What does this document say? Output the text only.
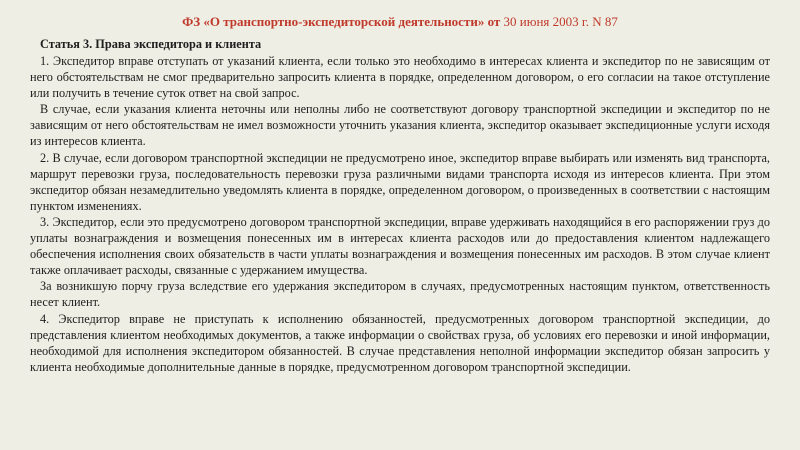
ФЗ «О транспортно-экспедиторской деятельности» от 30 июня 2003 г. N 87
Статья 3. Права экспедитора и клиента

1. Экспедитор вправе отступать от указаний клиента, если только это необходимо в интересах клиента и экспедитор по не зависящим от него обстоятельствам не смог предварительно запросить клиента в порядке, определенном договором, о его согласии на такое отступление или получить в течение суток ответ на свой запрос.

В случае, если указания клиента неточны или неполны либо не соответствуют договору транспортной экспедиции и экспедитор по не зависящим от него обстоятельствам не имел возможности уточнить указания клиента, экспедитор оказывает экспедиционные услуги исходя из интересов клиента.

2. В случае, если договором транспортной экспедиции не предусмотрено иное, экспедитор вправе выбирать или изменять вид транспорта, маршрут перевозки груза, последовательность перевозки груза различными видами транспорта исходя из интересов клиента. При этом экспедитор обязан незамедлительно уведомлять клиента в порядке, определенном договором, о произведенных в соответствии с настоящим пунктом изменениях.

3. Экспедитор, если это предусмотрено договором транспортной экспедиции, вправе удерживать находящийся в его распоряжении груз до уплаты вознаграждения и возмещения понесенных им в интересах клиента расходов или до предоставления клиентом надлежащего обеспечения исполнения своих обязательств в части уплаты вознаграждения и возмещения понесенных им расходов. В этом случае клиент также оплачивает расходы, связанные с удержанием имущества.

За возникшую порчу груза вследствие его удержания экспедитором в случаях, предусмотренных настоящим пунктом, ответственность несет клиент.

4. Экспедитор вправе не приступать к исполнению обязанностей, предусмотренных договором транспортной экспедиции, до представления клиентом необходимых документов, а также информации о свойствах груза, об условиях его перевозки и иной информации, необходимой для исполнения экспедитором обязанностей. В случае представления неполной информации экспедитор обязан запросить у клиента необходимые дополнительные данные в порядке, предусмотренном договором транспортной экспедиции.
